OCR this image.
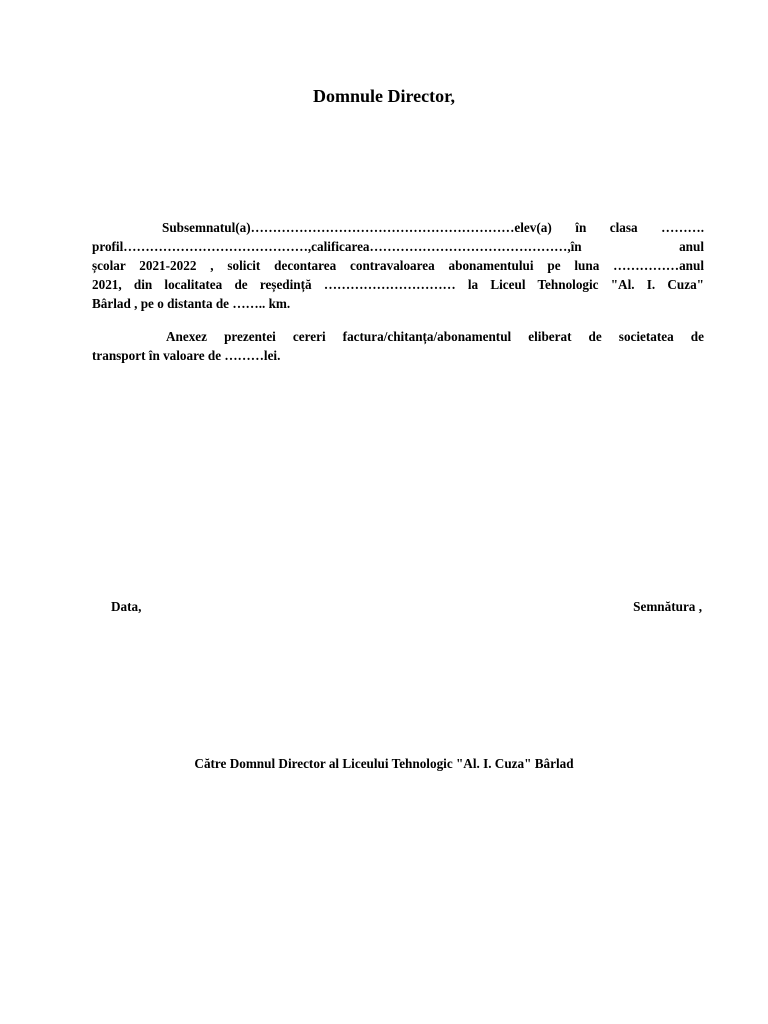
Domnule Director,
Subsemnatul(a)……………………………………………………elev(a) în clasa ……….
profil……………………………………,calificarea………………………………………,în anul
școlar 2021-2022 , solicit decontarea contravaloarea abonamentului pe luna ……………anul
2021, din localitatea de reședință ………………………… la Liceul Tehnologic "Al. I. Cuza"
Bârlad , pe o distanta de …….. km.
Anexez prezentei cereri factura/chitanța/abonamentul eliberat de societatea de
transport în valoare de ………lei.
Data,	Semnătura ,
Către Domnul Director al Liceului Tehnologic "Al. I. Cuza" Bârlad
